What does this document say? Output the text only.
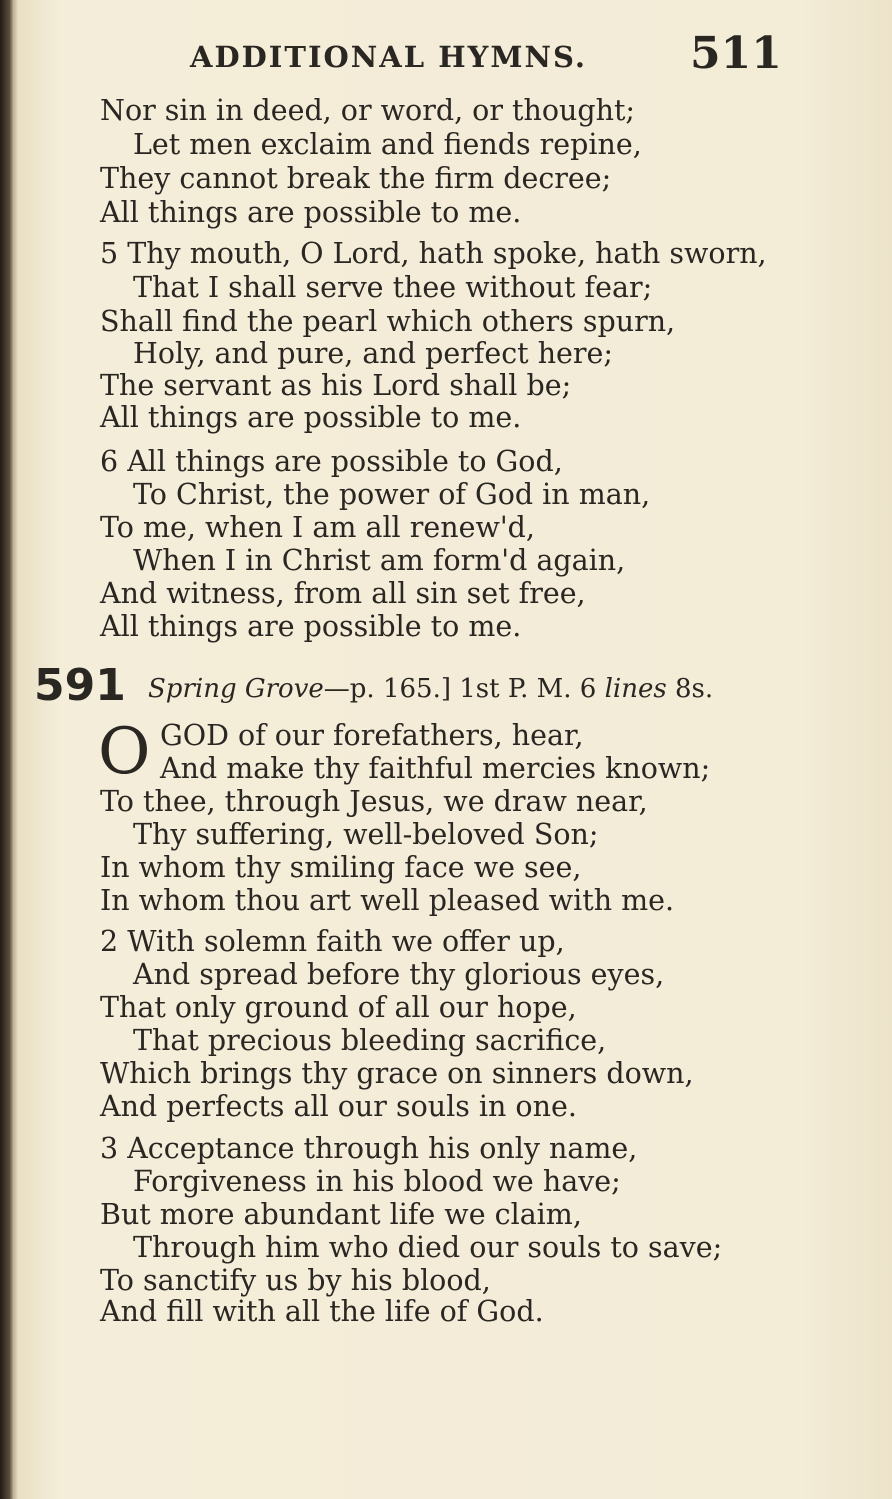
ADDITIONAL HYMNS. 511
Nor sin in deed, or word, or thought;
Let men exclaim and fiends repine,
They cannot break the firm decree;
All things are possible to me.
5 Thy mouth, O Lord, hath spoke, hath sworn,
That I shall serve thee without fear;
Shall find the pearl which others spurn,
Holy, and pure, and perfect here;
The servant as his Lord shall be;
All things are possible to me.
6 All things are possible to God,
To Christ, the power of God in man,
To me, when I am all renew'd,
When I in Christ am form'd again,
And witness, from all sin set free,
All things are possible to me.
591 Spring Grove—p. 165.] 1st P. M. 6 lines 8s.
O GOD of our forefathers, hear,
And make thy faithful mercies known;
To thee, through Jesus, we draw near,
Thy suffering, well-beloved Son;
In whom thy smiling face we see,
In whom thou art well pleased with me.
2 With solemn faith we offer up,
And spread before thy glorious eyes,
That only ground of all our hope,
That precious bleeding sacrifice,
Which brings thy grace on sinners down,
And perfects all our souls in one.
3 Acceptance through his only name,
Forgiveness in his blood we have;
But more abundant life we claim,
Through him who died our souls to save;
To sanctify us by his blood,
And fill with all the life of God.
